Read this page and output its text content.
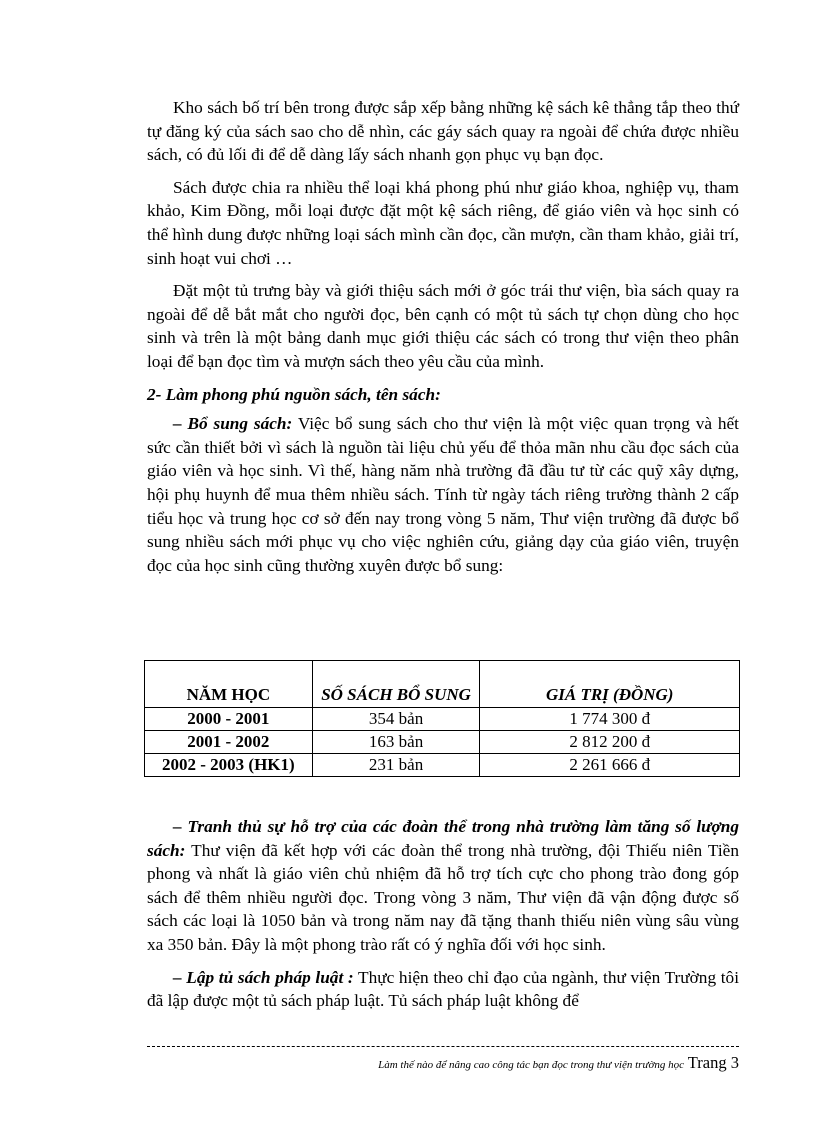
Kho sách bố trí bên trong được sắp xếp bằng những kệ sách kê thẳng tắp theo thứ tự đăng ký của sách sao cho dễ nhìn, các gáy sách quay ra ngoài để chứa được nhiều sách, có đủ lối đi để dễ dàng lấy sách nhanh gọn phục vụ bạn đọc.

Sách được chia ra nhiều thể loại khá phong phú như giáo khoa, nghiệp vụ, tham khảo, Kim Đồng, mỗi loại được đặt một kệ sách riêng, để giáo viên và học sinh có thể hình dung được những loại sách mình cần đọc, cần mượn, cần tham khảo, giải trí, sinh hoạt vui chơi …

Đặt một tủ trưng bày và giới thiệu sách mới ở góc trái thư viện, bìa sách quay ra ngoài để dễ bắt mắt cho người đọc, bên cạnh có một tủ sách tự chọn dùng cho học sinh và trên là một bảng danh mục giới thiệu các sách có trong thư viện theo phân loại để bạn đọc tìm và mượn sách theo yêu cầu của mình.

2- Làm phong phú nguồn sách, tên sách:

– Bổ sung sách: Việc bổ sung sách cho thư viện là một việc quan trọng và hết sức cần thiết bởi vì sách là nguồn tài liệu chủ yếu để thỏa mãn nhu cầu đọc sách của giáo viên và học sinh. Vì thế, hàng năm nhà trường đã đầu tư từ các quỹ xây dựng, hội phụ huynh để mua thêm nhiều sách. Tính từ ngày tách riêng trường thành 2 cấp tiểu học và trung học cơ sở đến nay trong vòng 5 năm, Thư viện trường đã được bổ sung nhiều sách mới phục vụ cho việc nghiên cứu, giảng dạy của giáo viên, truyện đọc của học sinh cũng thường xuyên được bổ sung:

NĂM HỌC	SỐ SÁCH BỔ SUNG	GIÁ TRỊ (ĐỒNG)
2000 - 2001	354 bản	1 774 300 đ
2001 - 2002	163 bản	2 812 200 đ
2002 - 2003 (HK1)	231 bản	2 261 666 đ

– Tranh thủ sự hỗ trợ của các đoàn thể trong nhà trường làm tăng số lượng sách: Thư viện đã kết hợp với các đoàn thể trong nhà trường, đội Thiếu niên Tiền phong và nhất là giáo viên chủ nhiệm đã hỗ trợ tích cực cho phong trào đong góp sách để thêm nhiều người đọc. Trong vòng 3 năm, Thư viện đã vận động được số sách các loại là 1050 bản và trong năm nay đã tặng thanh thiếu niên vùng sâu vùng xa 350 bản. Đây là một phong trào rất có ý nghĩa đối với học sinh.

– Lập tủ sách pháp luật : Thực hiện theo chỉ đạo của ngành, thư viện Trường tôi đã lập được một tủ sách pháp luật. Tủ sách pháp luật không để

Làm thế nào để nâng cao công tác bạn đọc trong thư viện trường học Trang 3
